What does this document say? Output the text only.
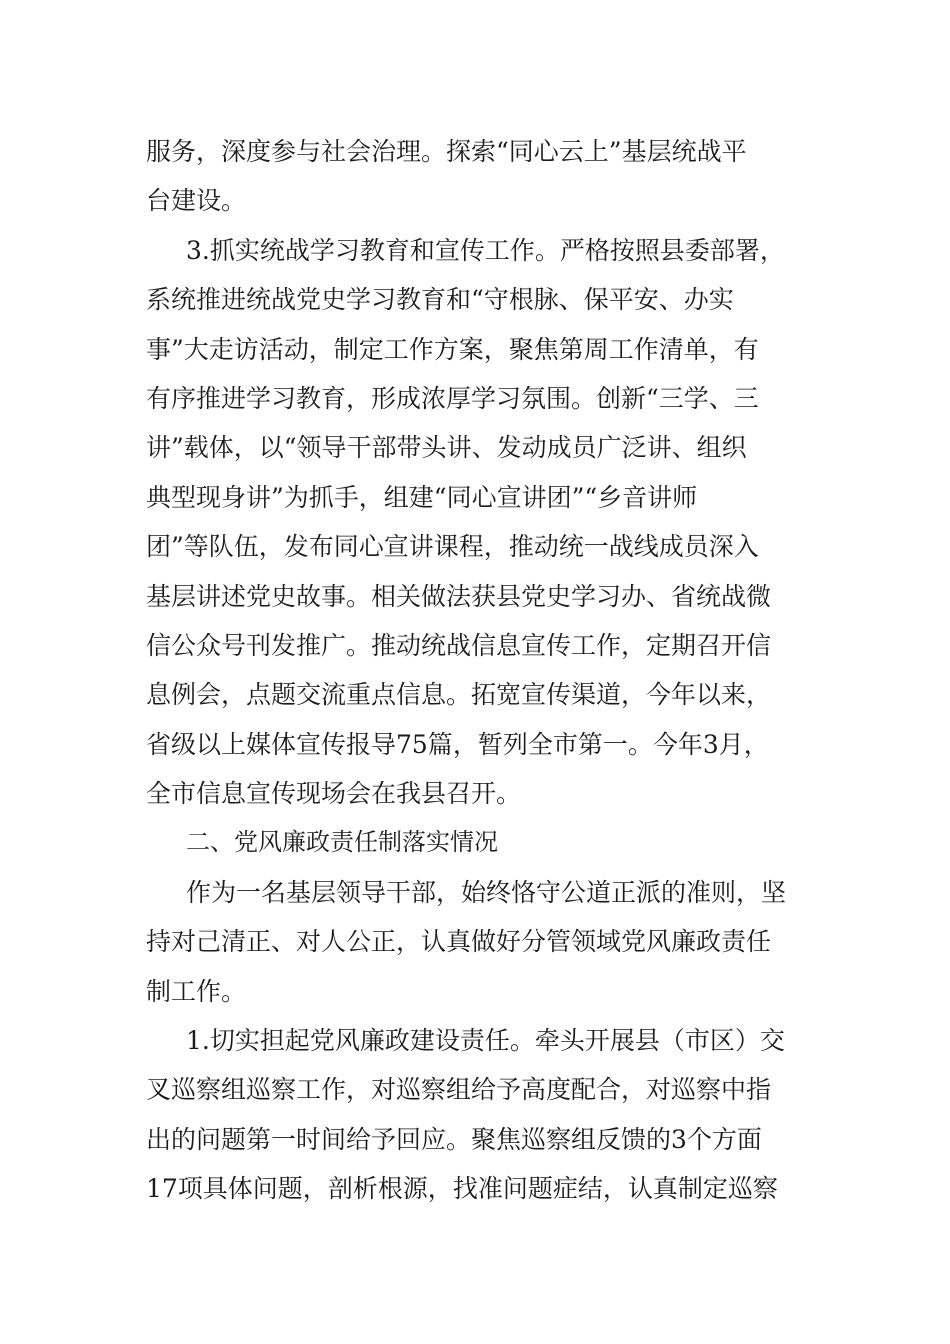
服务，深度参与社会治理。探索“同心云上”基层统战平
台建设。
3.抓实统战学习教育和宣传工作。严格按照县委部署，
系统推进统战党史学习教育和“守根脉、保平安、办实
事”大走访活动，制定工作方案，聚焦第周工作清单，有
有序推进学习教育，形成浓厚学习氛围。创新“三学、三
讲”载体，以“领导干部带头讲、发动成员广泛讲、组织
典型现身讲”为抓手，组建“同心宣讲团”“乡音讲师
团”等队伍，发布同心宣讲课程，推动统一战线成员深入
基层讲述党史故事。相关做法获县党史学习办、省统战微
信公众号刊发推广。推动统战信息宣传工作，定期召开信
息例会，点题交流重点信息。拓宽宣传渠道，今年以来，
省级以上媒体宣传报导75篇，暂列全市第一。今年3月，
全市信息宣传现场会在我县召开。
二、党风廉政责任制落实情况
作为一名基层领导干部，始终恪守公道正派的准则，坚
持对己清正、对人公正，认真做好分管领域党风廉政责任
制工作。
1.切实担起党风廉政建设责任。牵头开展县（市区）交
叉巡察组巡察工作，对巡察组给予高度配合，对巡察中指
出的问题第一时间给予回应。聚焦巡察组反馈的3个方面
17项具体问题，剖析根源，找准问题症结，认真制定巡察
